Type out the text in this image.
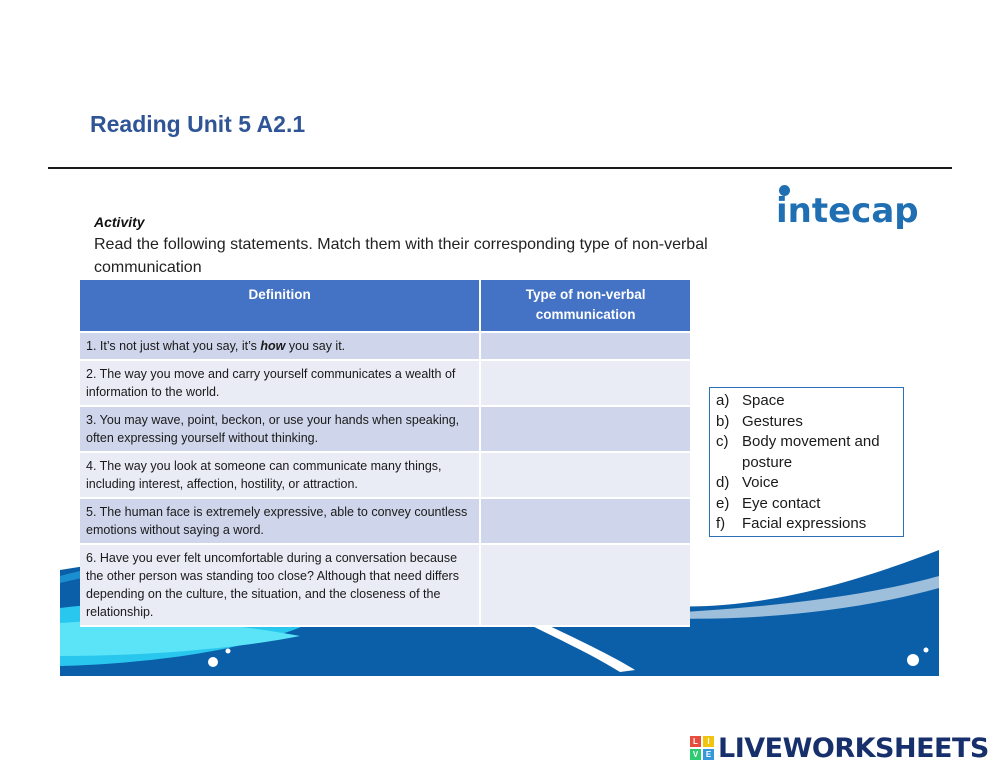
Reading Unit 5 A2.1
intecap
Activity
Read the following statements. Match them with their corresponding type of non-verbal communication
Definition	Type of non-verbal communication
1. It’s not just what you say, it’s how you say it.	
2. The way you move and carry yourself communicates a wealth of information to the world.	
3. You may wave, point, beckon, or use your hands when speaking, often expressing yourself without thinking.	
4. The way you look at someone can communicate many things, including interest, affection, hostility, or attraction.	
5. The human face is extremely expressive, able to convey countless emotions without saying a word.	
6. Have you ever felt uncomfortable during a conversation because the other person was standing too close? Although that need differs depending on the culture, the situation, and the closeness of the relationship.	
a) Space
b) Gestures
c) Body movement and posture
d) Voice
e) Eye contact
f)	Facial expressions
L	I
V E LIVEWORKSHEETS
